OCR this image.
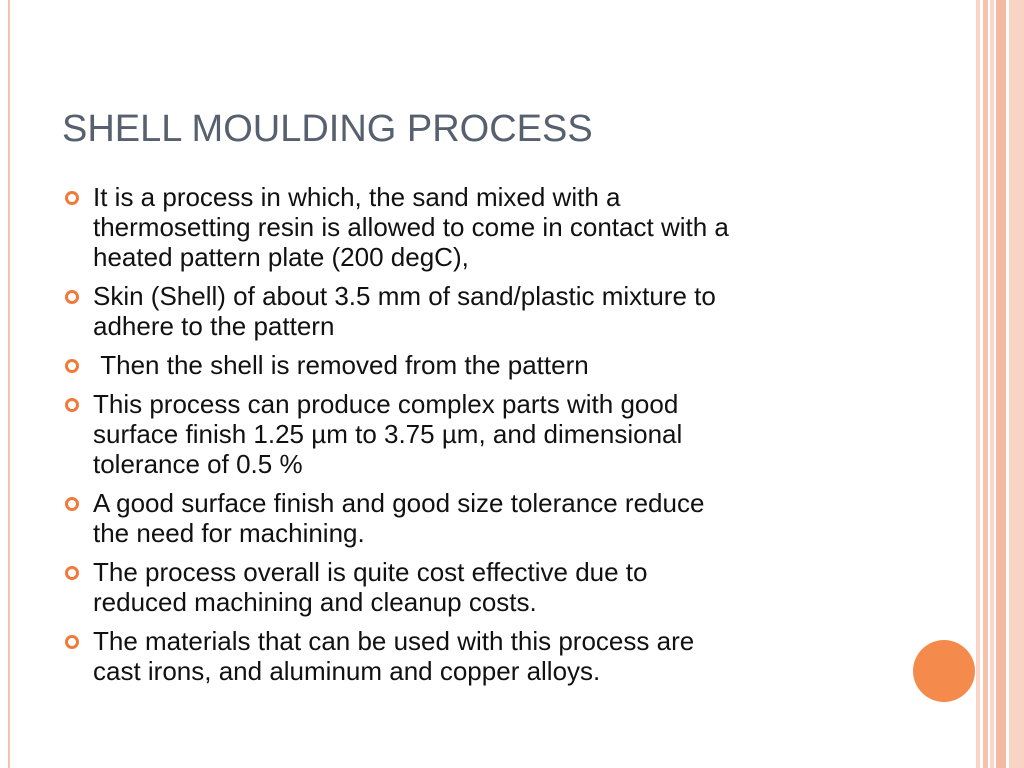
SHELL MOULDING PROCESS
It is a process in which, the sand mixed with a
thermosetting resin is allowed to come in contact with a
heated pattern plate (200 degC),
Skin (Shell) of about 3.5 mm of sand/plastic mixture to
adhere to the pattern
Then the shell is removed from the pattern
This process can produce complex parts with good
surface finish 1.25 µm to 3.75 µm, and dimensional
tolerance of 0.5 %
A good surface finish and good size tolerance reduce
the need for machining.
The process overall is quite cost effective due to
reduced machining and cleanup costs.
The materials that can be used with this process are
cast irons, and aluminum and copper alloys.
